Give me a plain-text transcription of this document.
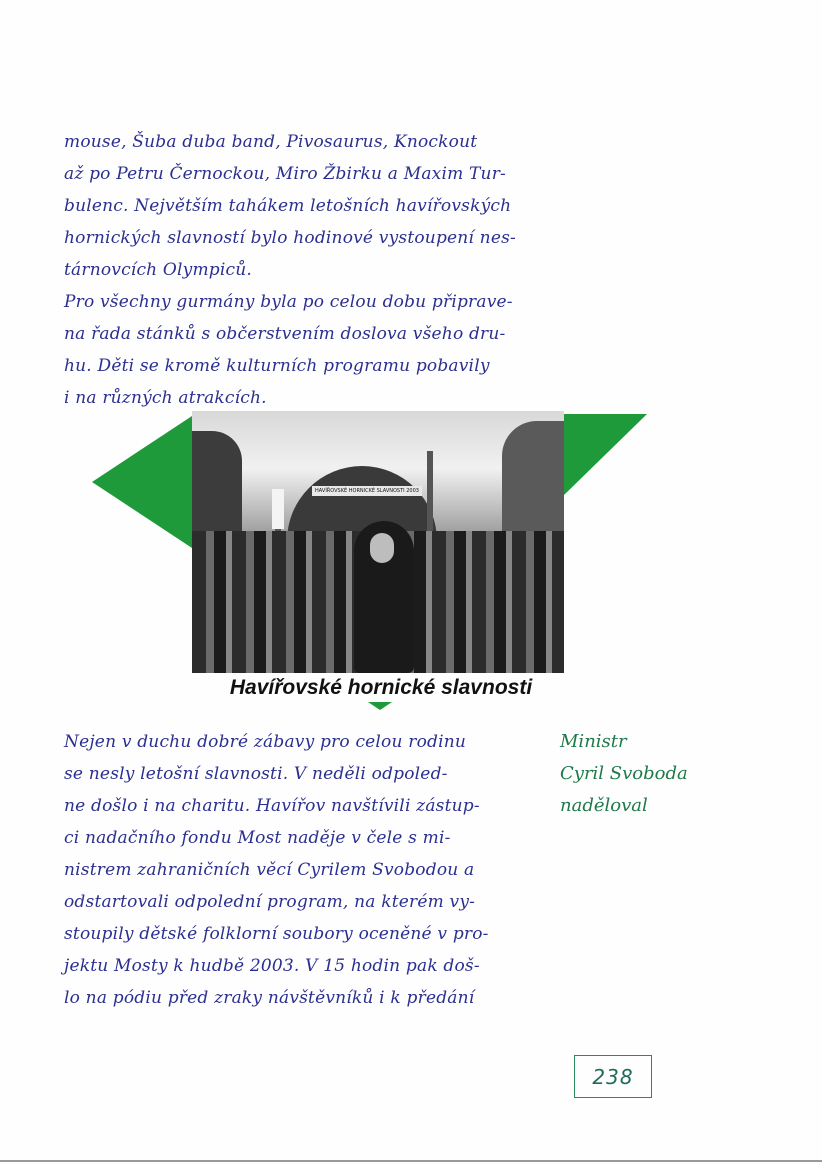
mouse, Šuba duba band, Pivosaurus, Knockout
až po Petru Černockou, Miro Žbirku a Maxim Tur-
bulenc. Největším tahákem letošních havířovských
hornických slavností bylo hodinové vystoupení nes-
tárnovcích Olympiců.
Pro všechny gurmány byla po celou dobu připrave-
na řada stánků s občerstvením doslova všeho dru-
hu. Děti se kromě kulturních programu pobavily
i na různých atrakcích.
HAVÍŘOVSKÉ HORNICKÉ SLAVNOSTI 2003
Havířovské hornické slavnosti
Nejen v duchu dobré zábavy pro celou rodinu
se nesly letošní slavnosti. V neděli odpoled-
ne došlo i na charitu. Havířov navštívili zástup-
ci nadačního fondu Most naděje v čele s mi-
nistrem zahraničních věcí Cyrilem Svobodou a
odstartovali odpolední program, na kterém vy-
stoupily dětské folklorní soubory oceněné v pro-
jektu Mosty k hudbě 2003. V 15 hodin pak doš-
lo na pódiu před zraky návštěvníků i k předání
Ministr
Cyril Svoboda
naděloval
238
